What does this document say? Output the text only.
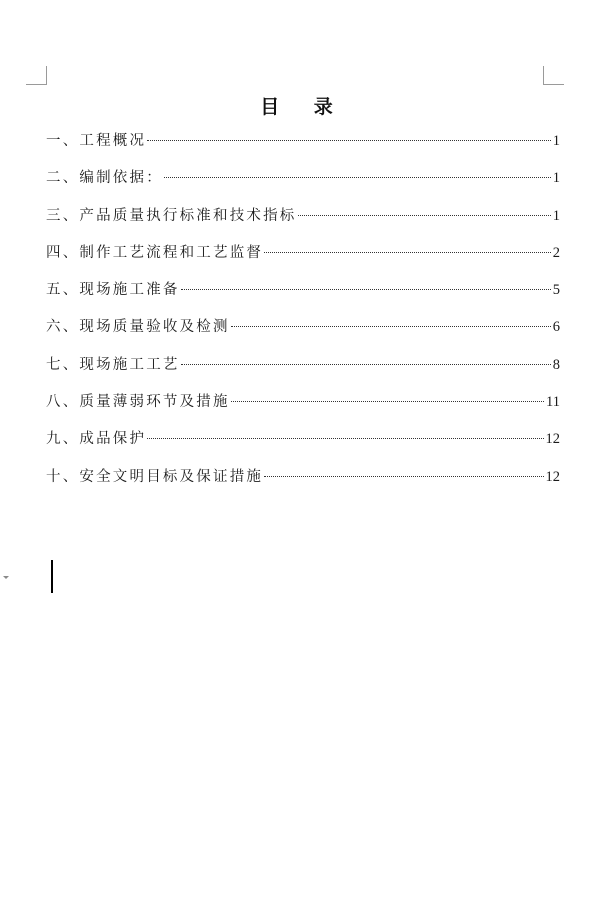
目 录
一、工程概况	1
二、编制依据：	1
三、产品质量执行标准和技术指标	1
四、制作工艺流程和工艺监督	2
五、现场施工准备	5
六、现场质量验收及检测	6
七、现场施工工艺	8
八、质量薄弱环节及措施	11
九、成品保护	12
十、安全文明目标及保证措施	12
